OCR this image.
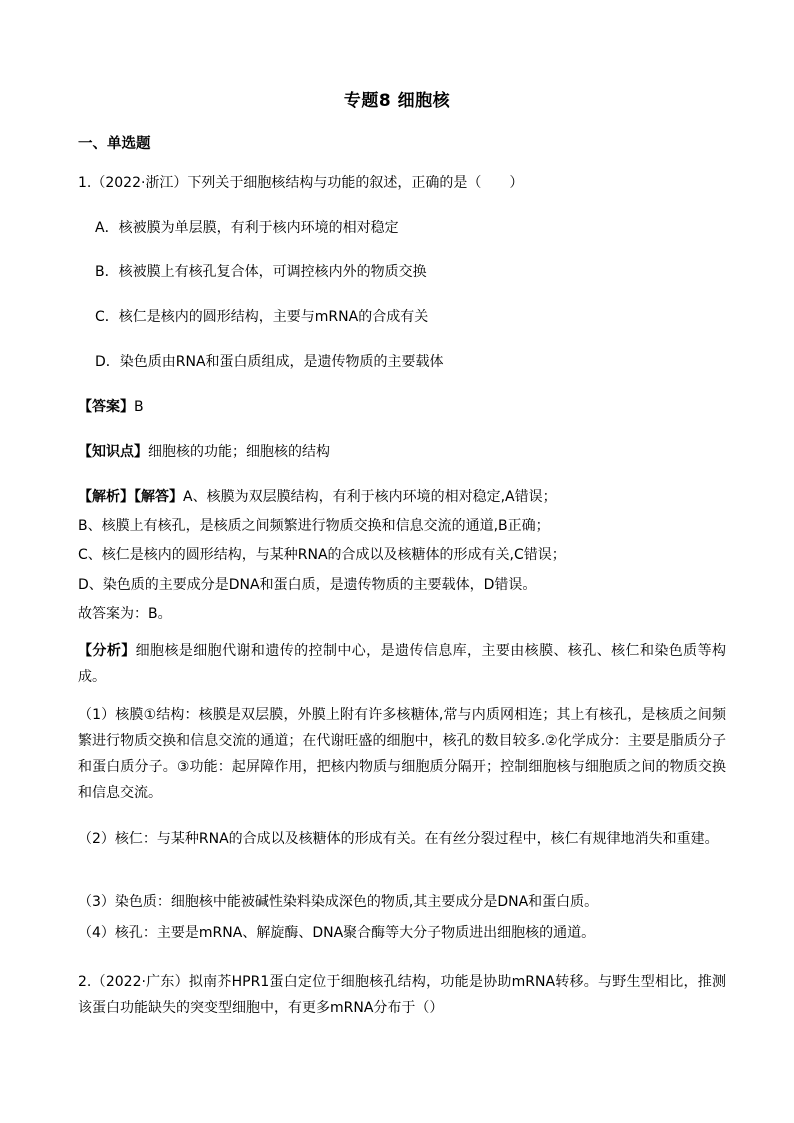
专题8 细胞核
一、单选题
1.（2022·浙江）下列关于细胞核结构与功能的叙述，正确的是（　　）
A．核被膜为单层膜，有利于核内环境的相对稳定
B．核被膜上有核孔复合体，可调控核内外的物质交换
C．核仁是核内的圆形结构，主要与mRNA的合成有关
D．染色质由RNA和蛋白质组成，是遗传物质的主要载体
【答案】B
【知识点】细胞核的功能；细胞核的结构
【解析】【解答】A、核膜为双层膜结构，有利于核内环境的相对稳定,A错误；
B、核膜上有核孔，是核质之间频繁进行物质交换和信息交流的通道,B正确；
C、核仁是核内的圆形结构，与某种RNA的合成以及核糖体的形成有关,C错误；
D、染色质的主要成分是DNA和蛋白质，是遗传物质的主要载体，D错误。
故答案为：B。
【分析】细胞核是细胞代谢和遗传的控制中心，是遗传信息库，主要由核膜、核孔、核仁和染色质等构成。
（1）核膜①结构：核膜是双层膜，外膜上附有许多核糖体,常与内质网相连；其上有核孔，是核质之间频繁进行物质交换和信息交流的通道；在代谢旺盛的细胞中，核孔的数目较多.②化学成分：主要是脂质分子和蛋白质分子。③功能：起屏障作用，把核内物质与细胞质分隔开；控制细胞核与细胞质之间的物质交换和信息交流。
（2）核仁：与某种RNA的合成以及核糖体的形成有关。在有丝分裂过程中，核仁有规律地消失和重建。
（3）染色质：细胞核中能被碱性染料染成深色的物质,其主要成分是DNA和蛋白质。
（4）核孔：主要是mRNA、解旋酶、DNA聚合酶等大分子物质进出细胞核的通道。
2.（2022·广东）拟南芥HPR1蛋白定位于细胞核孔结构，功能是协助mRNA转移。与野生型相比，推测该蛋白功能缺失的突变型细胞中，有更多mRNA分布于（）
